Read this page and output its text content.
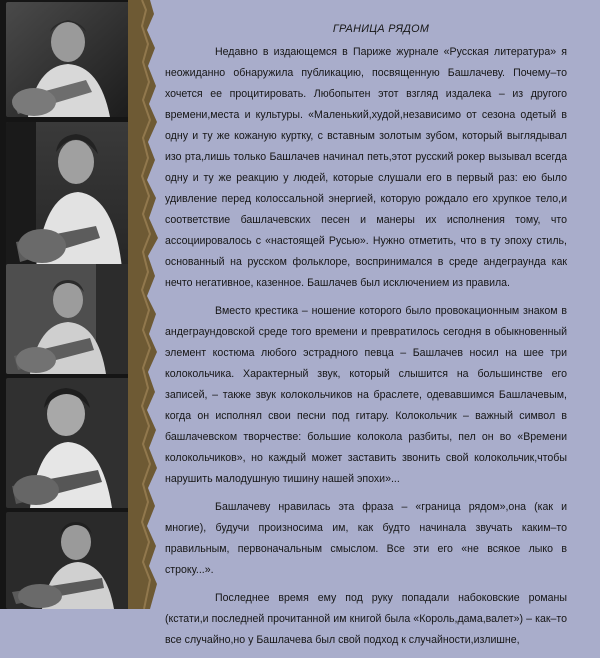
ГРАНИЦА РЯДОМ

Недавно в издающемся в Париже журнале «Русская литература» я неожиданно обнаружила публикацию, посвященную Башлачеву. Почему–то хочется ее процитировать. Любопытен этот взгляд издалека – из другого времени,места и культуры. «Маленький,худой,независимо от сезона одетый в одну и ту же кожаную куртку, с вставным золотым зубом, который выглядывал изо рта,лишь только Башлачев начинал петь,этот русский рокер вызывал всегда одну и ту же реакцию у людей, которые слушали его в первый раз: ею было удивление перед колоссальной энергией, которую рождало его хрупкое тело,и соответствие башлачевских песен и манеры их исполнения тому, что ассоциировалось с «настоящей Русью». Нужно отметить, что в ту эпоху стиль, основанный на русском фольклоре, воспринимался в среде андеграунда как нечто негативное, казенное. Башлачев был исключением из правила.

Вместо крестика – ношение которого было провокационным знаком в андеграундовской среде того времени и превратилось сегодня в обыкновенный элемент костюма любого эстрадного певца – Башлачев носил на шее три колокольчика. Характерный звук, который слышится на большинстве его записей, – также звук колокольчиков на браслете, одевавшимся Башлачевым, когда он исполнял свои песни под гитару. Колокольчик – важный символ в башлачевском творчестве: большие колокола разбиты, пел он во «Времени колокольчиков», но каждый может заставить звонить свой колокольчик,чтобы нарушить малодушную тишину нашей эпохи»...

Башлачеву нравилась эта фраза – «граница рядом»,она (как и многие), будучи произносима им, как будто начинала звучать каким–то правильным, первоначальным смыслом. Все эти его «не всякое лыко в строку...».

Последнее время ему под руку попадали набоковские романы (кстати,и последней прочитанной им книгой была «Король,дама,валет») – как–то все случайно,но у Башлачева был свой подход к случайности,излишне,
